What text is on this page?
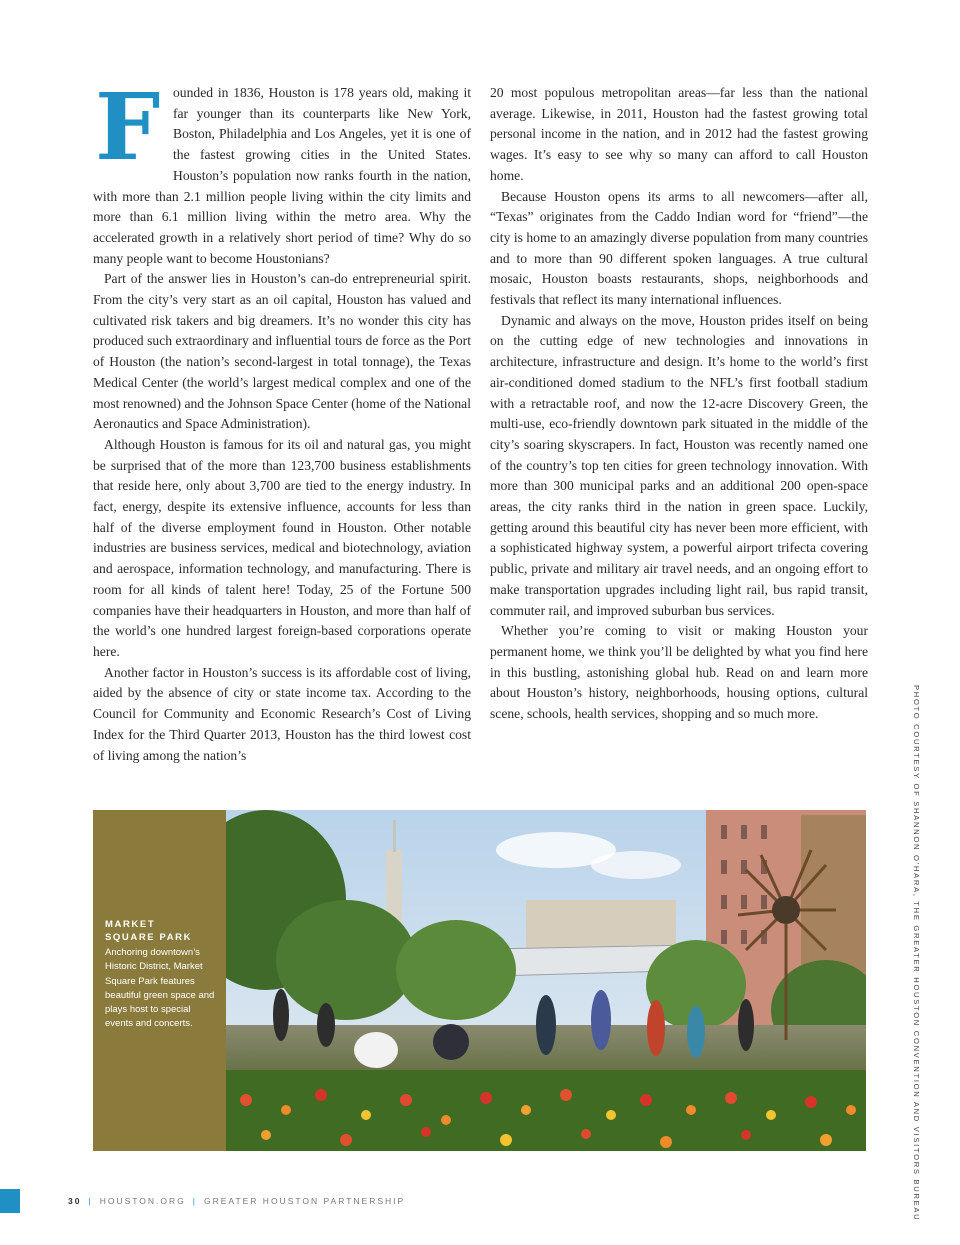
Founded in 1836, Houston is 178 years old, making it far younger than its counterparts like New York, Boston, Philadelphia and Los Angeles, yet it is one of the fastest growing cities in the United States. Houston’s population now ranks fourth in the nation, with more than 2.1 million people living within the city limits and more than 6.1 million living within the metro area. Why the accelerated growth in a relatively short period of time? Why do so many people want to become Houstonians?

Part of the answer lies in Houston’s can-do entrepreneurial spirit. From the city’s very start as an oil capital, Houston has valued and cultivated risk takers and big dreamers. It’s no wonder this city has produced such extraordinary and influential tours de force as the Port of Houston (the nation’s second-largest in total tonnage), the Texas Medical Center (the world’s largest medical complex and one of the most renowned) and the Johnson Space Center (home of the National Aeronautics and Space Administration).

Although Houston is famous for its oil and natural gas, you might be surprised that of the more than 123,700 business establishments that reside here, only about 3,700 are tied to the energy industry. In fact, energy, despite its extensive influence, accounts for less than half of the diverse employment found in Houston. Other notable industries are business services, medical and biotechnology, aviation and aerospace, information technology, and manufacturing. There is room for all kinds of talent here! Today, 25 of the Fortune 500 companies have their headquarters in Houston, and more than half of the world’s one hundred largest foreign-based corporations operate here.

Another factor in Houston’s success is its affordable cost of living, aided by the absence of city or state income tax. According to the Council for Community and Economic Research’s Cost of Living Index for the Third Quarter 2013, Houston has the third lowest cost of living among the nation’s

20 most populous metropolitan areas—far less than the national average. Likewise, in 2011, Houston had the fastest growing total personal income in the nation, and in 2012 had the fastest growing wages. It’s easy to see why so many can afford to call Houston home.

Because Houston opens its arms to all newcomers—after all, “Texas” originates from the Caddo Indian word for “friend”—the city is home to an amazingly diverse population from many countries and to more than 90 different spoken languages. A true cultural mosaic, Houston boasts restaurants, shops, neighborhoods and festivals that reflect its many international influences.

Dynamic and always on the move, Houston prides itself on being on the cutting edge of new technologies and innovations in architecture, infrastructure and design. It’s home to the world’s first air-conditioned domed stadium to the NFL’s first football stadium with a retractable roof, and now the 12-acre Discovery Green, the multi-use, eco-friendly downtown park situated in the middle of the city’s soaring skyscrapers. In fact, Houston was recently named one of the country’s top ten cities for green technology innovation. With more than 300 municipal parks and an additional 200 open-space areas, the city ranks third in the nation in green space. Luckily, getting around this beautiful city has never been more efficient, with a sophisticated highway system, a powerful airport trifecta covering public, private and military air travel needs, and an ongoing effort to make transportation upgrades including light rail, bus rapid transit, commuter rail, and improved suburban bus services.

Whether you’re coming to visit or making Houston your permanent home, we think you’ll be delighted by what you find here in this bustling, astonishing global hub. Read on and learn more about Houston’s history, neighborhoods, housing options, cultural scene, schools, health services, shopping and so much more.

MARKET SQUARE PARK
Anchoring downtown’s Historic District, Market Square Park features beautiful green space and plays host to special events and concerts.	PHOTO COURTESY OF SHANNON O’HARA, THE GREATER HOUSTON CONVENTION AND VISITORS BUREAU
30 | HOUSTON.ORG | GREATER HOUSTON PARTNERSHIP
